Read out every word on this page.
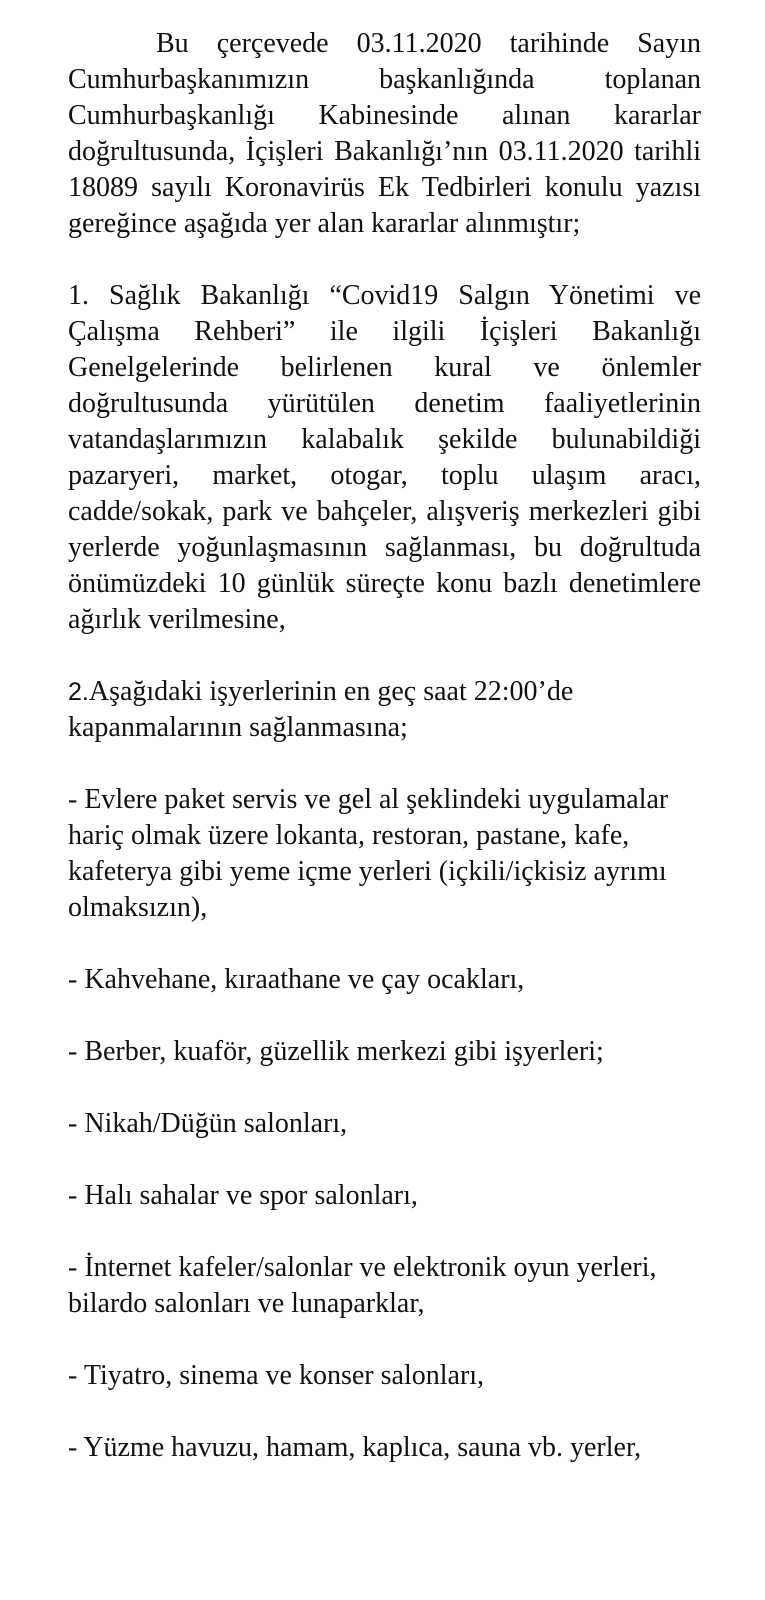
Bu çerçevede 03.11.2020 tarihinde Sayın Cumhurbaşkanımızın başkanlığında toplanan Cumhurbaşkanlığı Kabinesinde alınan kararlar doğrultusunda, İçişleri Bakanlığı’nın 03.11.2020 tarihli 18089 sayılı Koronavirüs Ek Tedbirleri konulu yazısı gereğince aşağıda yer alan kararlar alınmıştır;

1. Sağlık Bakanlığı “Covid19 Salgın Yönetimi ve Çalışma Rehberi” ile ilgili İçişleri Bakanlığı Genelgelerinde belirlenen kural ve önlemler doğrultusunda yürütülen denetim faaliyetlerinin vatandaşlarımızın kalabalık şekilde bulunabildiği pazaryeri, market, otogar, toplu ulaşım aracı, cadde/sokak, park ve bahçeler, alışveriş merkezleri gibi yerlerde yoğunlaşmasının sağlanması, bu doğrultuda önümüzdeki 10 günlük süreçte konu bazlı denetimlere ağırlık verilmesine,

2.Aşağıdaki işyerlerinin en geç saat 22:00’de kapanmalarının sağlanmasına;

- Evlere paket servis ve gel al şeklindeki uygulamalar hariç olmak üzere lokanta, restoran, pastane, kafe, kafeterya gibi yeme içme yerleri (içkili/içkisiz ayrımı olmaksızın),

- Kahvehane, kıraathane ve çay ocakları,

- Berber, kuaför, güzellik merkezi gibi işyerleri;

- Nikah/Düğün salonları,

- Halı sahalar ve spor salonları,

- İnternet kafeler/salonlar ve elektronik oyun yerleri, bilardo salonları ve lunaparklar,

- Tiyatro, sinema ve konser salonları,

- Yüzme havuzu, hamam, kaplıca, sauna vb. yerler,
